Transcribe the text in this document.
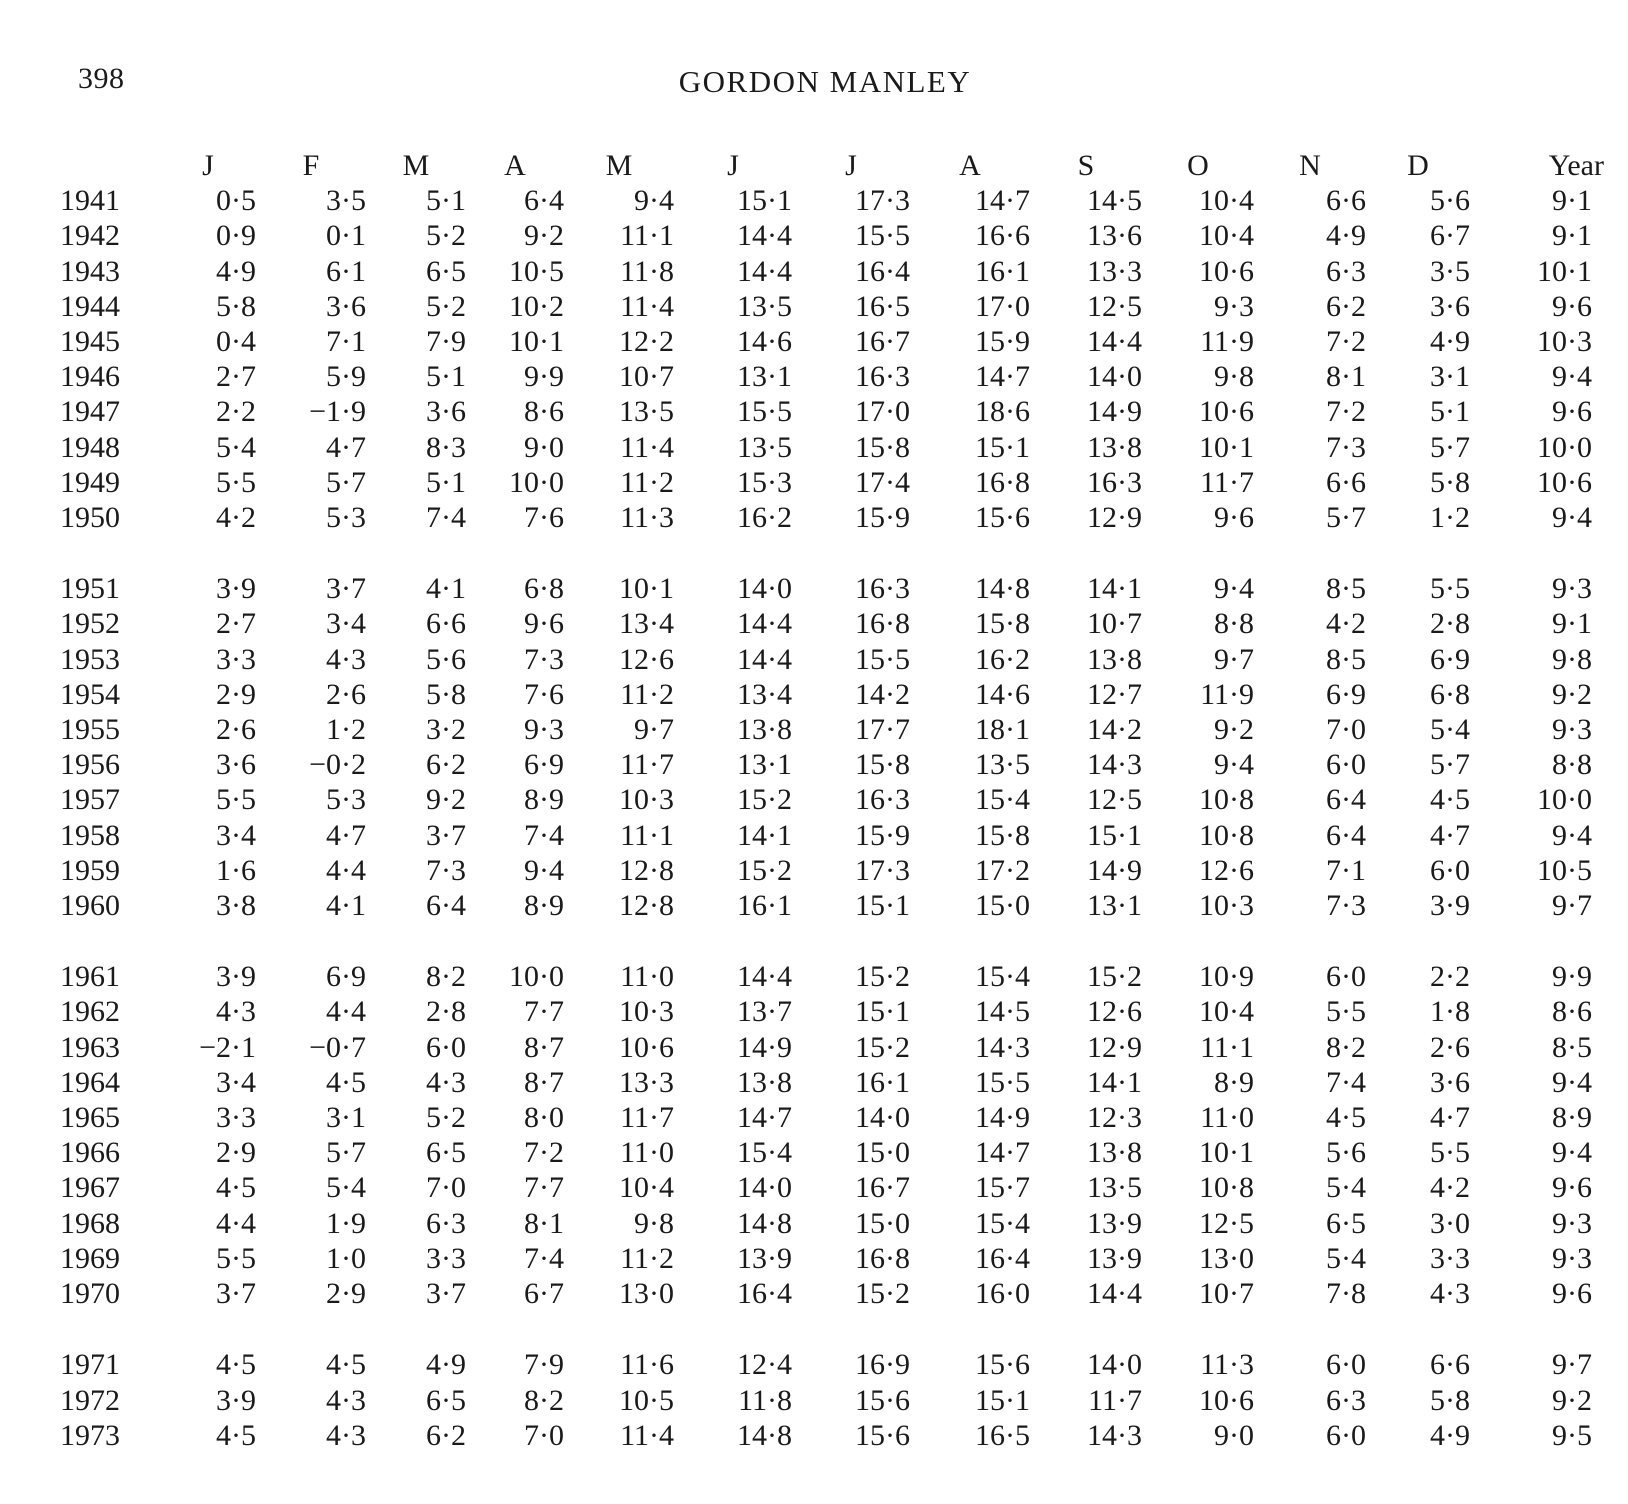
398	GORDON MANLEY
	J	F	M	A	M	J	J	A	S	O	N	D	Year
1941	0·5	3·5	5·1	6·4	9·4	15·1	17·3	14·7	14·5	10·4	6·6	5·6	9·1
1942	0·9	0·1	5·2	9·2	11·1	14·4	15·5	16·6	13·6	10·4	4·9	6·7	9·1
1943	4·9	6·1	6·5	10·5	11·8	14·4	16·4	16·1	13·3	10·6	6·3	3·5	10·1
1944	5·8	3·6	5·2	10·2	11·4	13·5	16·5	17·0	12·5	9·3	6·2	3·6	9·6
1945	0·4	7·1	7·9	10·1	12·2	14·6	16·7	15·9	14·4	11·9	7·2	4·9	10·3
1946	2·7	5·9	5·1	9·9	10·7	13·1	16·3	14·7	14·0	9·8	8·1	3·1	9·4
1947	2·2	−1·9	3·6	8·6	13·5	15·5	17·0	18·6	14·9	10·6	7·2	5·1	9·6
1948	5·4	4·7	8·3	9·0	11·4	13·5	15·8	15·1	13·8	10·1	7·3	5·7	10·0
1949	5·5	5·7	5·1	10·0	11·2	15·3	17·4	16·8	16·3	11·7	6·6	5·8	10·6
1950	4·2	5·3	7·4	7·6	11·3	16·2	15·9	15·6	12·9	9·6	5·7	1·2	9·4

1951	3·9	3·7	4·1	6·8	10·1	14·0	16·3	14·8	14·1	9·4	8·5	5·5	9·3
1952	2·7	3·4	6·6	9·6	13·4	14·4	16·8	15·8	10·7	8·8	4·2	2·8	9·1
1953	3·3	4·3	5·6	7·3	12·6	14·4	15·5	16·2	13·8	9·7	8·5	6·9	9·8
1954	2·9	2·6	5·8	7·6	11·2	13·4	14·2	14·6	12·7	11·9	6·9	6·8	9·2
1955	2·6	1·2	3·2	9·3	9·7	13·8	17·7	18·1	14·2	9·2	7·0	5·4	9·3
1956	3·6	−0·2	6·2	6·9	11·7	13·1	15·8	13·5	14·3	9·4	6·0	5·7	8·8
1957	5·5	5·3	9·2	8·9	10·3	15·2	16·3	15·4	12·5	10·8	6·4	4·5	10·0
1958	3·4	4·7	3·7	7·4	11·1	14·1	15·9	15·8	15·1	10·8	6·4	4·7	9·4
1959	1·6	4·4	7·3	9·4	12·8	15·2	17·3	17·2	14·9	12·6	7·1	6·0	10·5
1960	3·8	4·1	6·4	8·9	12·8	16·1	15·1	15·0	13·1	10·3	7·3	3·9	9·7

1961	3·9	6·9	8·2	10·0	11·0	14·4	15·2	15·4	15·2	10·9	6·0	2·2	9·9
1962	4·3	4·4	2·8	7·7	10·3	13·7	15·1	14·5	12·6	10·4	5·5	1·8	8·6
1963	−2·1	−0·7	6·0	8·7	10·6	14·9	15·2	14·3	12·9	11·1	8·2	2·6	8·5
1964	3·4	4·5	4·3	8·7	13·3	13·8	16·1	15·5	14·1	8·9	7·4	3·6	9·4
1965	3·3	3·1	5·2	8·0	11·7	14·7	14·0	14·9	12·3	11·0	4·5	4·7	8·9
1966	2·9	5·7	6·5	7·2	11·0	15·4	15·0	14·7	13·8	10·1	5·6	5·5	9·4
1967	4·5	5·4	7·0	7·7	10·4	14·0	16·7	15·7	13·5	10·8	5·4	4·2	9·6
1968	4·4	1·9	6·3	8·1	9·8	14·8	15·0	15·4	13·9	12·5	6·5	3·0	9·3
1969	5·5	1·0	3·3	7·4	11·2	13·9	16·8	16·4	13·9	13·0	5·4	3·3	9·3
1970	3·7	2·9	3·7	6·7	13·0	16·4	15·2	16·0	14·4	10·7	7·8	4·3	9·6

1971	4·5	4·5	4·9	7·9	11·6	12·4	16·9	15·6	14·0	11·3	6·0	6·6	9·7
1972	3·9	4·3	6·5	8·2	10·5	11·8	15·6	15·1	11·7	10·6	6·3	5·8	9·2
1973	4·5	4·3	6·2	7·0	11·4	14·8	15·6	16·5	14·3	9·0	6·0	4·9	9·5
